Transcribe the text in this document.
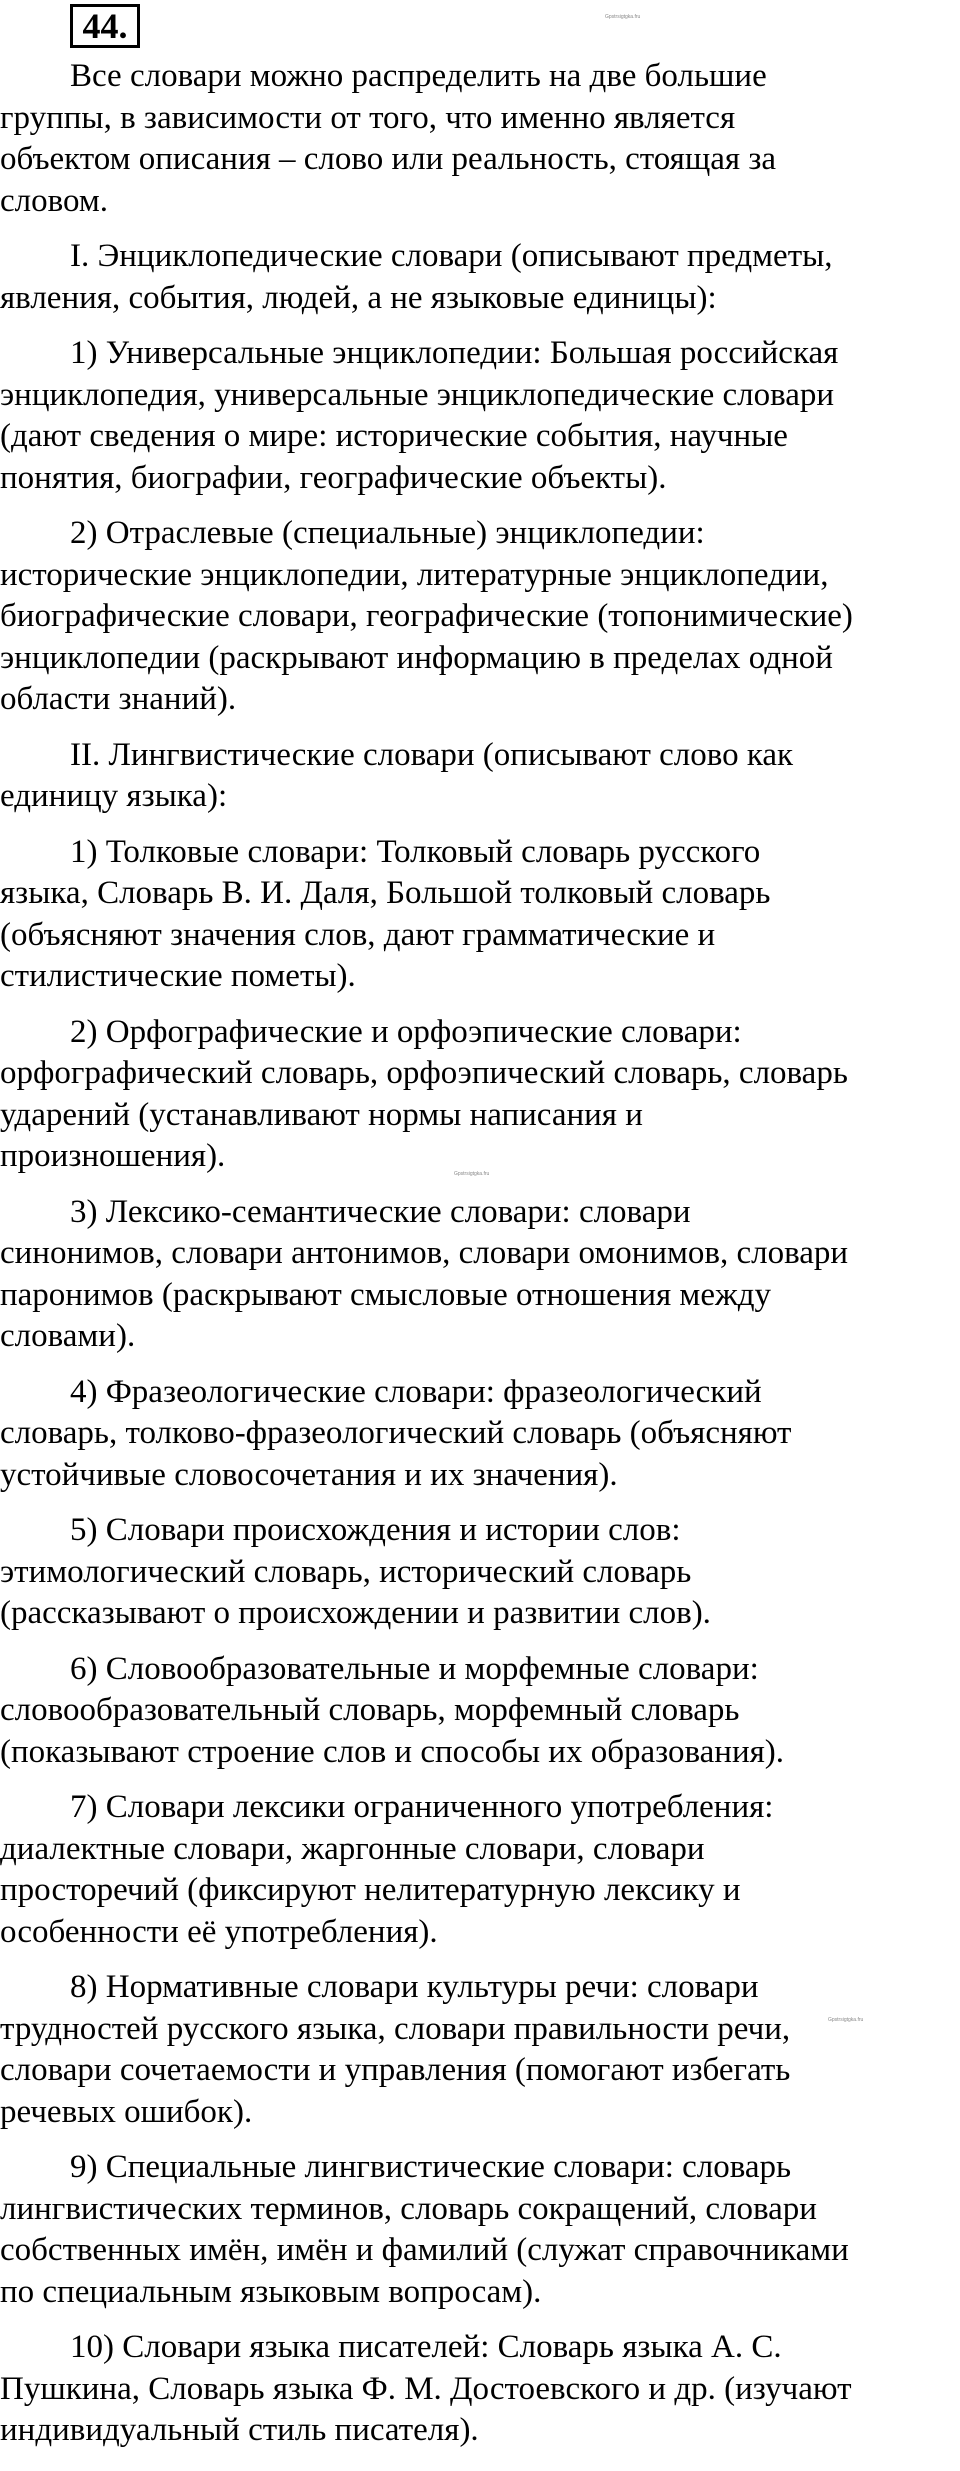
44.	Gpstrsigtgka.fru
Gpstrsigtgka.fru
Gpstrsigtgka.fru
Все словари можно распределить на две большие
группы, в зависимости от того, что именно является
объектом описания – слово или реальность, стоящая за
словом.
I. Энциклопедические словари (описывают предметы,
явления, события, людей, а не языковые единицы):
1) Универсальные энциклопедии: Большая российская
энциклопедия, универсальные энциклопедические словари
(дают сведения о мире: исторические события, научные
понятия, биографии, географические объекты).
2) Отраслевые (специальные) энциклопедии:
исторические энциклопедии, литературные энциклопедии,
биографические словари, географические (топонимические)
энциклопедии (раскрывают информацию в пределах одной
области знаний).
II. Лингвистические словари (описывают слово как
единицу языка):
1) Толковые словари: Толковый словарь русского
языка, Словарь В. И. Даля, Большой толковый словарь
(объясняют значения слов, дают грамматические и
стилистические пометы).
2) Орфографические и орфоэпические словари:
орфографический словарь, орфоэпический словарь, словарь
ударений (устанавливают нормы написания и
произношения).
3) Лексико-семантические словари: словари
синонимов, словари антонимов, словари омонимов, словари
паронимов (раскрывают смысловые отношения между
словами).
4) Фразеологические словари: фразеологический
словарь, толково-фразеологический словарь (объясняют
устойчивые словосочетания и их значения).
5) Словари происхождения и истории слов:
этимологический словарь, исторический словарь
(рассказывают о происхождении и развитии слов).
6) Словообразовательные и морфемные словари:
словообразовательный словарь, морфемный словарь
(показывают строение слов и способы их образования).
7) Словари лексики ограниченного употребления:
диалектные словари, жаргонные словари, словари
просторечий (фиксируют нелитературную лексику и
особенности её употребления).
8) Нормативные словари культуры речи: словари
трудностей русского языка, словари правильности речи,
словари сочетаемости и управления (помогают избегать
речевых ошибок).
9) Специальные лингвистические словари: словарь
лингвистических терминов, словарь сокращений, словари
собственных имён, имён и фамилий (служат справочниками
по специальным языковым вопросам).
10) Словари языка писателей: Словарь языка А. С.
Пушкина, Словарь языка Ф. М. Достоевского и др. (изучают
индивидуальный стиль писателя).
